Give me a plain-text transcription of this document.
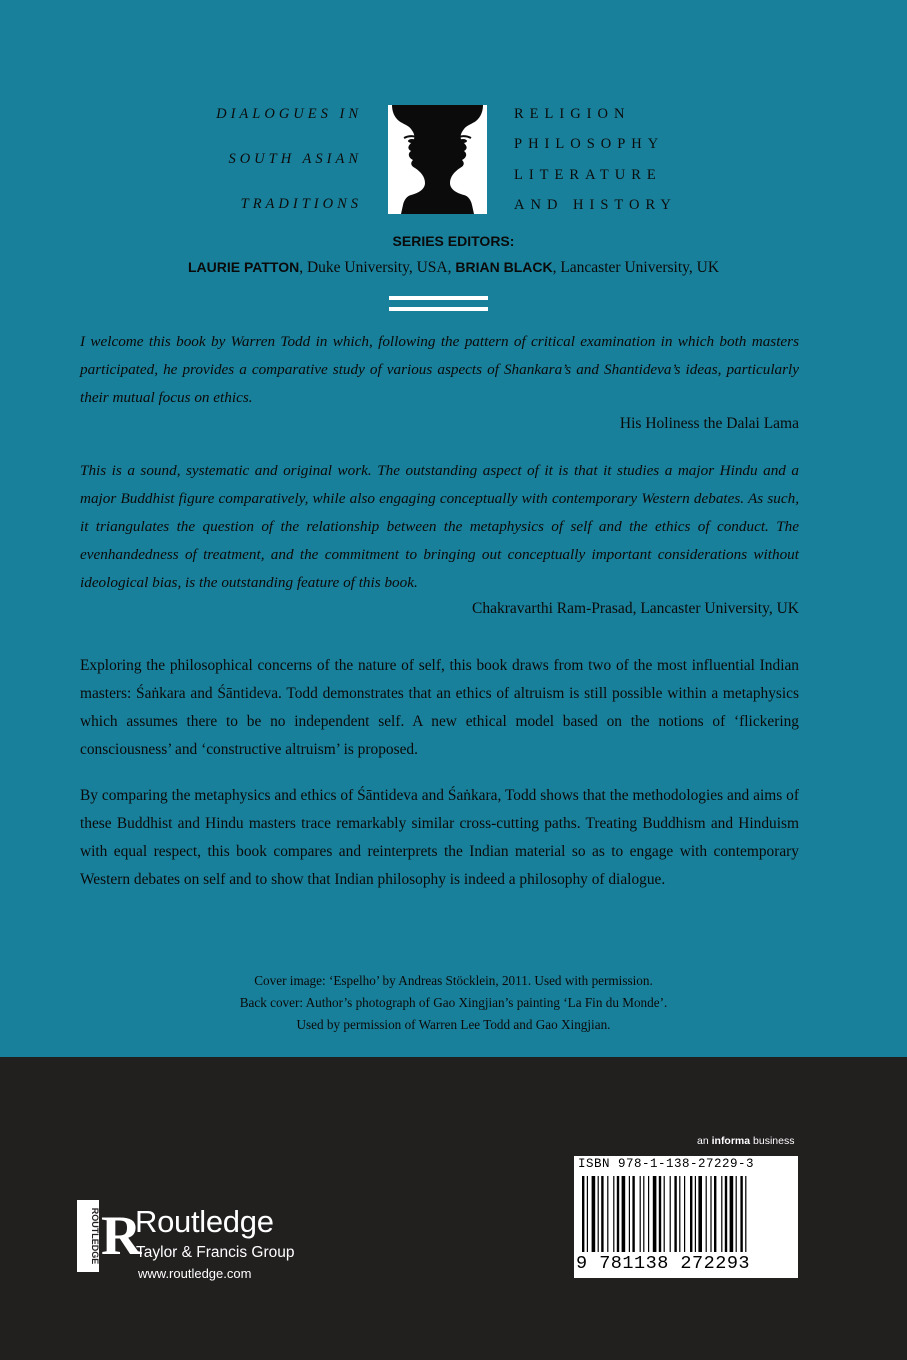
DIALOGUES IN
SOUTH ASIAN
TRADITIONS
RELIGION
PHILOSOPHY
LITERATURE
AND HISTORY
SERIES EDITORS:
LAURIE PATTON, Duke University, USA, BRIAN BLACK, Lancaster University, UK
I welcome this book by Warren Todd in which, following the pattern of critical examination in which both masters participated, he provides a comparative study of various aspects of Shankara’s and Shantideva’s ideas, particularly their mutual focus on ethics.
His Holiness the Dalai Lama
This is a sound, systematic and original work. The outstanding aspect of it is that it studies a major Hindu and a major Buddhist figure comparatively, while also engaging conceptually with contemporary Western debates. As such, it triangulates the question of the relationship between the metaphysics of self and the ethics of conduct. The evenhandedness of treatment, and the commitment to bringing out conceptually important considerations without ideological bias, is the outstanding feature of this book.
Chakravarthi Ram-Prasad, Lancaster University, UK
Exploring the philosophical concerns of the nature of self, this book draws from two of the most influential Indian masters: Śaṅkara and Śāntideva. Todd demonstrates that an ethics of altruism is still possible within a metaphysics which assumes there to be no independent self. A new ethical model based on the notions of ‘flickering consciousness’ and ‘constructive altruism’ is proposed.
By comparing the metaphysics and ethics of Śāntideva and Śaṅkara, Todd shows that the methodologies and aims of these Buddhist and Hindu masters trace remarkably similar cross-cutting paths. Treating Buddhism and Hinduism with equal respect, this book compares and reinterprets the Indian material so as to engage with contemporary Western debates on self and to show that Indian philosophy is indeed a philosophy of dialogue.
Cover image: ‘Espelho’ by Andreas Stöcklein, 2011. Used with permission.
Back cover: Author’s photograph of Gao Xingjian’s painting ‘La Fin du Monde’.
Used by permission of Warren Lee Todd and Gao Xingjian.
an informa business
ISBN 978-1-138-27229-3
9 781138 272293
ROUTLEDGE R
Routledge
Taylor & Francis Group
www.routledge.com
